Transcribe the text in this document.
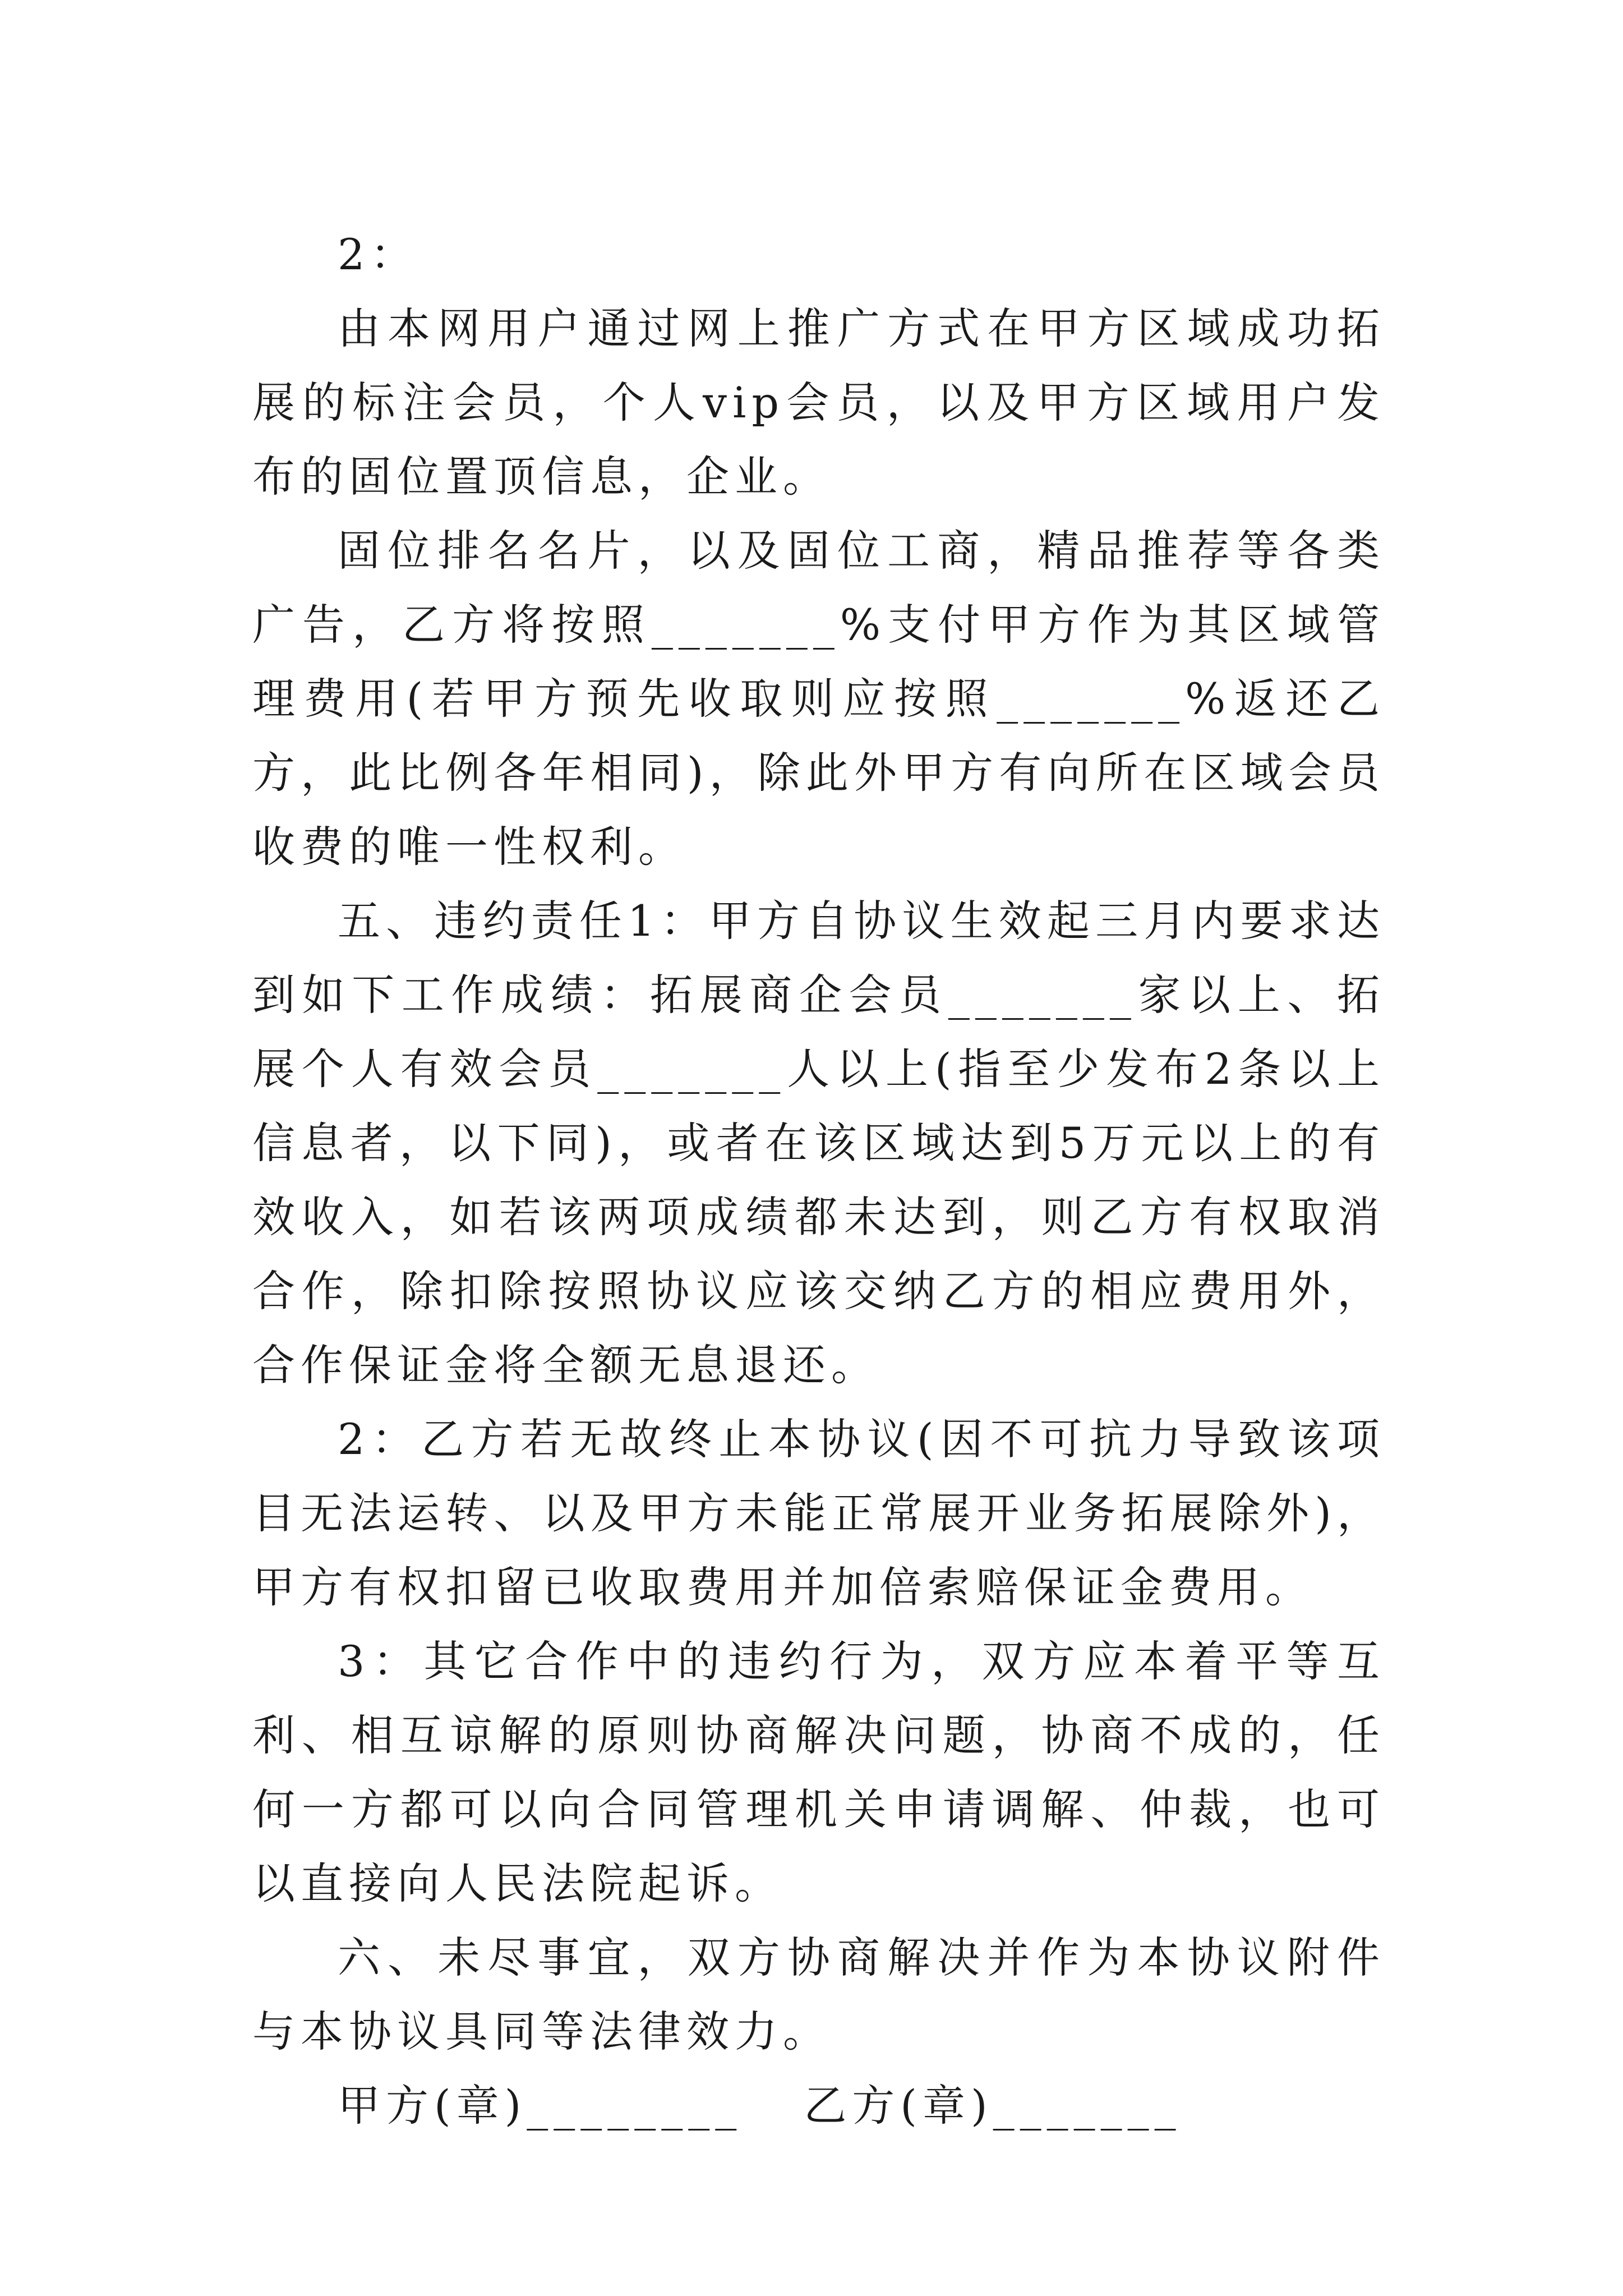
2：

由本网用户通过网上推广方式在甲方区域成功拓展的标注会员，个人vip会员，以及甲方区域用户发布的固位置顶信息，企业。

固位排名名片，以及固位工商，精品推荐等各类广告，乙方将按照_______%支付甲方作为其区域管理费用(若甲方预先收取则应按照_______%返还乙方，此比例各年相同)，除此外甲方有向所在区域会员收费的唯一性权利。

五、违约责任1：甲方自协议生效起三月内要求达到如下工作成绩：拓展商企会员_______家以上、拓展个人有效会员_______人以上(指至少发布2条以上信息者，以下同)，或者在该区域达到5万元以上的有效收入，如若该两项成绩都未达到，则乙方有权取消合作，除扣除按照协议应该交纳乙方的相应费用外，合作保证金将全额无息退还。

2：乙方若无故终止本协议(因不可抗力导致该项目无法运转、以及甲方未能正常展开业务拓展除外)，甲方有权扣留已收取费用并加倍索赔保证金费用。

3：其它合作中的违约行为，双方应本着平等互利、相互谅解的原则协商解决问题，协商不成的，任何一方都可以向合同管理机关申请调解、仲裁，也可以直接向人民法院起诉。

六、未尽事宜，双方协商解决并作为本协议附件与本协议具同等法律效力。

甲方(章)________ 乙方(章)_______
